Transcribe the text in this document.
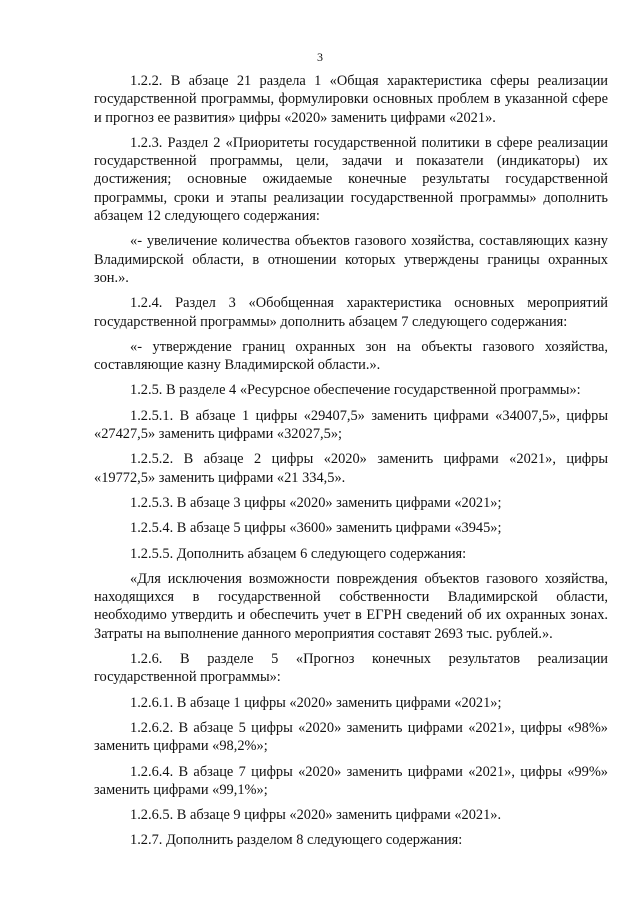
3

1.2.2. В абзаце 21 раздела 1 «Общая характеристика сферы реализации государственной программы, формулировки основных проблем в указанной сфере и прогноз ее развития» цифры «2020» заменить цифрами «2021».

1.2.3. Раздел 2 «Приоритеты государственной политики в сфере реализации государственной программы, цели, задачи и показатели (индикаторы) их достижения; основные ожидаемые конечные результаты государственной программы, сроки и этапы реализации государственной программы» дополнить абзацем 12 следующего содержания:

«- увеличение количества объектов газового хозяйства, составляющих казну Владимирской области, в отношении которых утверждены границы охранных зон.».

1.2.4. Раздел 3 «Обобщенная характеристика основных мероприятий государственной программы» дополнить абзацем 7 следующего содержания:

«- утверждение границ охранных зон на объекты газового хозяйства, составляющие казну Владимирской области.».

1.2.5. В разделе 4 «Ресурсное обеспечение государственной программы»:

1.2.5.1. В абзаце 1 цифры «29407,5» заменить цифрами «34007,5», цифры «27427,5» заменить цифрами «32027,5»;

1.2.5.2. В абзаце 2 цифры «2020» заменить цифрами «2021», цифры «19772,5» заменить цифрами «21 334,5».

1.2.5.3. В абзаце 3 цифры «2020» заменить цифрами «2021»;

1.2.5.4. В абзаце 5 цифры «3600» заменить цифрами «3945»;

1.2.5.5. Дополнить абзацем 6 следующего содержания:

«Для исключения возможности повреждения объектов газового хозяйства, находящихся в государственной собственности Владимирской области, необходимо утвердить и обеспечить учет в ЕГРН сведений об их охранных зонах. Затраты на выполнение данного мероприятия составят 2693 тыс. рублей.».

1.2.6. В разделе 5 «Прогноз конечных результатов реализации государственной программы»:

1.2.6.1. В абзаце 1 цифры «2020» заменить цифрами «2021»;

1.2.6.2. В абзаце 5 цифры «2020» заменить цифрами «2021», цифры «98%» заменить цифрами «98,2%»;

1.2.6.4. В абзаце 7 цифры «2020» заменить цифрами «2021», цифры «99%» заменить цифрами «99,1%»;

1.2.6.5. В абзаце 9 цифры «2020» заменить цифрами «2021».

1.2.7. Дополнить разделом 8 следующего содержания:
